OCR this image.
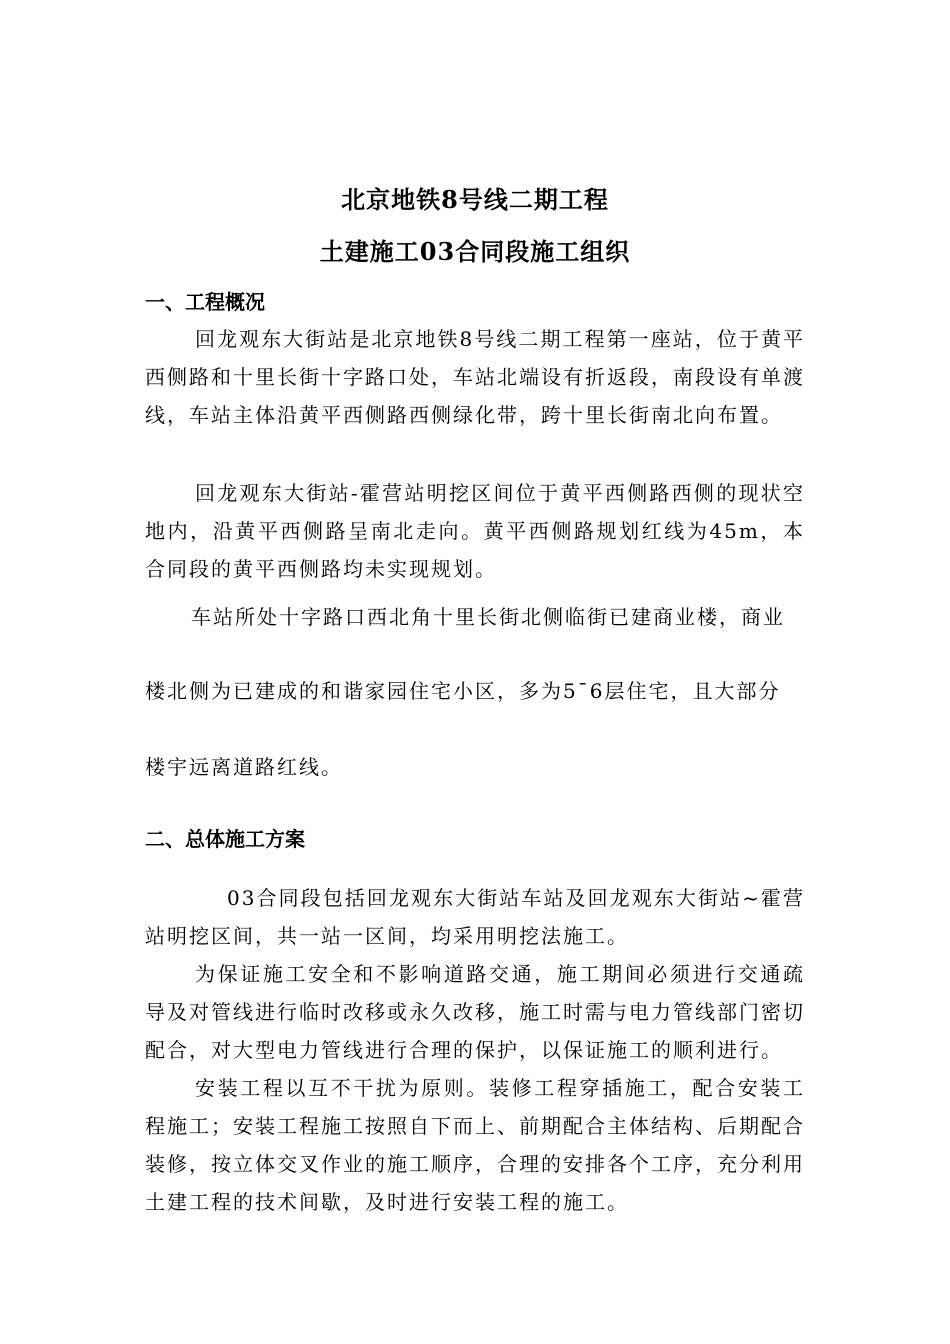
北京地铁8号线二期工程
土建施工03合同段施工组织
一、工程概况

回龙观东大街站是北京地铁8号线二期工程第一座站，位于黄平西侧路和十里长街十字路口处，车站北端设有折返段，南段设有单渡线，车站主体沿黄平西侧路西侧绿化带，跨十里长街南北向布置。

回龙观东大街站-霍营站明挖区间位于黄平西侧路西侧的现状空地内，沿黄平西侧路呈南北走向。黄平西侧路规划红线为45m，本合同段的黄平西侧路均未实现规划。

车站所处十字路口西北角十里长街北侧临街已建商业楼，商业

楼北侧为已建成的和谐家园住宅小区，多为5¯6层住宅，且大部分

楼宇远离道路红线。

二、总体施工方案

03合同段包括回龙观东大街站车站及回龙观东大街站~霍营站明挖区间，共一站一区间，均采用明挖法施工。

为保证施工安全和不影响道路交通，施工期间必须进行交通疏导及对管线进行临时改移或永久改移，施工时需与电力管线部门密切配合，对大型电力管线进行合理的保护，以保证施工的顺利进行。

安装工程以互不干扰为原则。装修工程穿插施工，配合安装工程施工；安装工程施工按照自下而上、前期配合主体结构、后期配合装修，按立体交叉作业的施工顺序，合理的安排各个工序，充分利用土建工程的技术间歇，及时进行安装工程的施工。
